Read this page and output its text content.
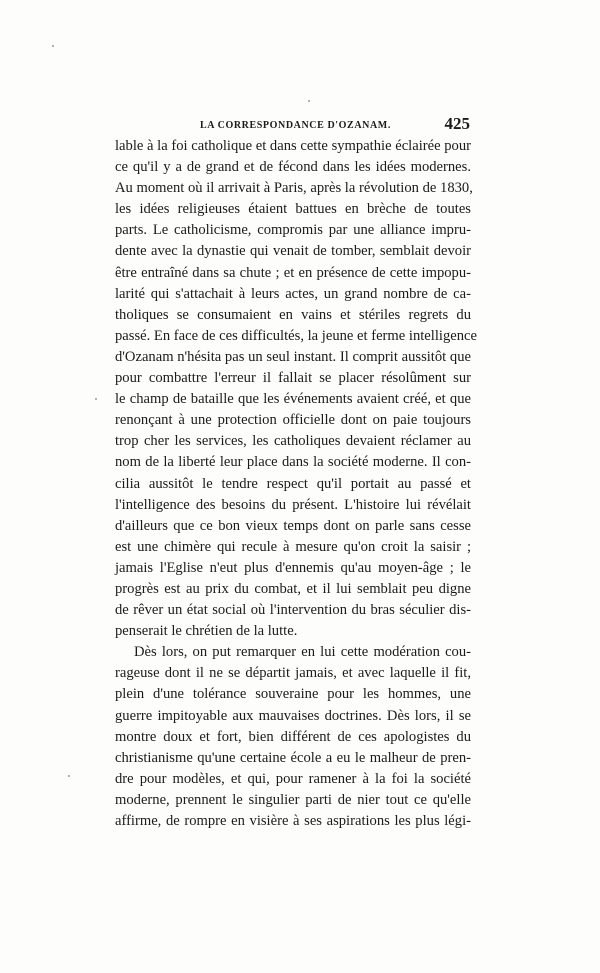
LA CORRESPONDANCE D'OZANAM.	425
lable à la foi catholique et dans cette sympathie éclairée pour
ce qu'il y a de grand et de fécond dans les idées modernes.
Au moment où il arrivait à Paris, après la révolution de 1830,
les idées religieuses étaient battues en brèche de toutes
parts. Le catholicisme, compromis par une alliance impru-
dente avec la dynastie qui venait de tomber, semblait devoir
être entraîné dans sa chute ; et en présence de cette impopu-
larité qui s'attachait à leurs actes, un grand nombre de ca-
tholiques se consumaient en vains et stériles regrets du
passé. En face de ces difficultés, la jeune et ferme intelligence
d'Ozanam n'hésita pas un seul instant. Il comprit aussitôt que
pour combattre l'erreur il fallait se placer résolûment sur
le champ de bataille que les événements avaient créé, et que
renonçant à une protection officielle dont on paie toujours
trop cher les services, les catholiques devaient réclamer au
nom de la liberté leur place dans la société moderne. Il con-
cilia aussitôt le tendre respect qu'il portait au passé et
l'intelligence des besoins du présent. L'histoire lui révélait
d'ailleurs que ce bon vieux temps dont on parle sans cesse
est une chimère qui recule à mesure qu'on croit la saisir ;
jamais l'Eglise n'eut plus d'ennemis qu'au moyen-âge ; le
progrès est au prix du combat, et il lui semblait peu digne
de rêver un état social où l'intervention du bras séculier dis-
penserait le chrétien de la lutte.
Dès lors, on put remarquer en lui cette modération cou-
rageuse dont il ne se départit jamais, et avec laquelle il fit,
plein d'une tolérance souveraine pour les hommes, une
guerre impitoyable aux mauvaises doctrines. Dès lors, il se
montre doux et fort, bien différent de ces apologistes du
christianisme qu'une certaine école a eu le malheur de pren-
dre pour modèles, et qui, pour ramener à la foi la société
moderne, prennent le singulier parti de nier tout ce qu'elle
affirme, de rompre en visière à ses aspirations les plus légi-
